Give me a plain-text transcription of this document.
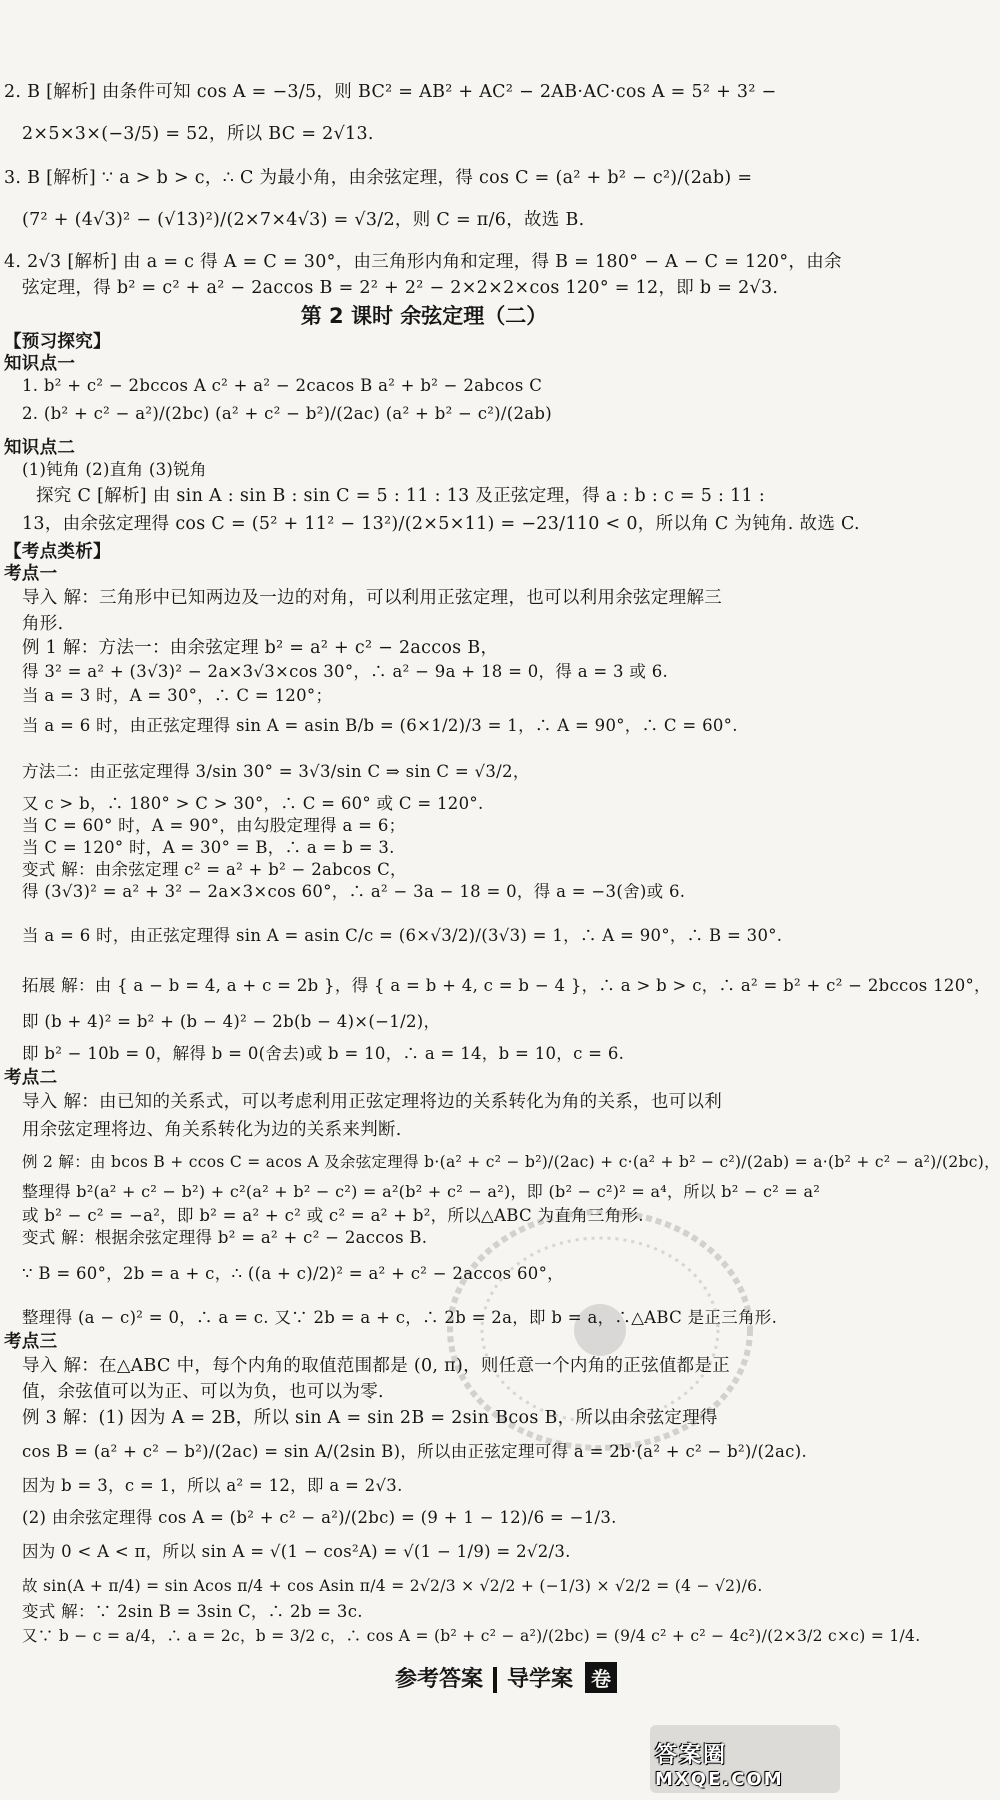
2. B [解析] 由条件可知 cos A = −3/5，则 BC² = AB² + AC² − 2AB·AC·cos A = 5² + 3² −
2×5×3×(−3/5) = 52，所以 BC = 2√13.
3. B [解析] ∵ a > b > c，∴ C 为最小角，由余弦定理，得 cos C = (a² + b² − c²)/(2ab) =
(7² + (4√3)² − (√13)²)/(2×7×4√3) = √3/2，则 C = π/6，故选 B.
4. 2√3 [解析] 由 a = c 得 A = C = 30°，由三角形内角和定理，得 B = 180° − A − C = 120°，由余
弦定理，得 b² = c² + a² − 2accos B = 2² + 2² − 2×2×2×cos 120° = 12，即 b = 2√3.
第 2 课时 余弦定理（二）
【预习探究】
知识点一
1. b² + c² − 2bccos A c² + a² − 2cacos B a² + b² − 2abcos C
2. (b² + c² − a²)/(2bc) (a² + c² − b²)/(2ac) (a² + b² − c²)/(2ab)
知识点二
(1)钝角 (2)直角 (3)锐角
探究 C [解析] 由 sin A : sin B : sin C = 5 : 11 : 13 及正弦定理，得 a : b : c = 5 : 11 :
13，由余弦定理得 cos C = (5² + 11² − 13²)/(2×5×11) = −23/110 < 0，所以角 C 为钝角. 故选 C.
【考点类析】
考点一
导入 解：三角形中已知两边及一边的对角，可以利用正弦定理，也可以利用余弦定理解三
角形.
例 1 解：方法一：由余弦定理 b² = a² + c² − 2accos B，
得 3² = a² + (3√3)² − 2a×3√3×cos 30°，∴ a² − 9a + 18 = 0，得 a = 3 或 6.
当 a = 3 时，A = 30°，∴ C = 120°；
当 a = 6 时，由正弦定理得 sin A = asin B/b = (6×1/2)/3 = 1，∴ A = 90°，∴ C = 60°.
方法二：由正弦定理得 3/sin 30° = 3√3/sin C ⇒ sin C = √3/2，
又 c > b，∴ 180° > C > 30°，∴ C = 60° 或 C = 120°.
当 C = 60° 时，A = 90°，由勾股定理得 a = 6；
当 C = 120° 时，A = 30° = B，∴ a = b = 3.
变式 解：由余弦定理 c² = a² + b² − 2abcos C，
得 (3√3)² = a² + 3² − 2a×3×cos 60°，∴ a² − 3a − 18 = 0，得 a = −3(舍)或 6.
当 a = 6 时，由正弦定理得 sin A = asin C/c = (6×√3/2)/(3√3) = 1，∴ A = 90°，∴ B = 30°.
拓展 解：由 { a − b = 4, a + c = 2b }，得 { a = b + 4, c = b − 4 }，∴ a > b > c，∴ a² = b² + c² − 2bccos 120°，
即 (b + 4)² = b² + (b − 4)² − 2b(b − 4)×(−1/2)，
即 b² − 10b = 0，解得 b = 0(舍去)或 b = 10，∴ a = 14，b = 10，c = 6.
考点二
导入 解：由已知的关系式，可以考虑利用正弦定理将边的关系转化为角的关系，也可以利
用余弦定理将边、角关系转化为边的关系来判断.
例 2 解：由 bcos B + ccos C = acos A 及余弦定理得 b·(a² + c² − b²)/(2ac) + c·(a² + b² − c²)/(2ab) = a·(b² + c² − a²)/(2bc)，
整理得 b²(a² + c² − b²) + c²(a² + b² − c²) = a²(b² + c² − a²)，即 (b² − c²)² = a⁴，所以 b² − c² = a²
或 b² − c² = −a²，即 b² = a² + c² 或 c² = a² + b²，所以△ABC 为直角三角形.
变式 解：根据余弦定理得 b² = a² + c² − 2accos B.
∵ B = 60°，2b = a + c，∴ ((a + c)/2)² = a² + c² − 2accos 60°，
整理得 (a − c)² = 0，∴ a = c. 又∵ 2b = a + c，∴ 2b = 2a，即 b = a，∴△ABC 是正三角形.
考点三
导入 解：在△ABC 中，每个内角的取值范围都是 (0, π)，则任意一个内角的正弦值都是正
值，余弦值可以为正、可以为负，也可以为零.
例 3 解：(1) 因为 A = 2B，所以 sin A = sin 2B = 2sin Bcos B，所以由余弦定理得
cos B = (a² + c² − b²)/(2ac) = sin A/(2sin B)，所以由正弦定理可得 a = 2b·(a² + c² − b²)/(2ac).
因为 b = 3，c = 1，所以 a² = 12，即 a = 2√3.
(2) 由余弦定理得 cos A = (b² + c² − a²)/(2bc) = (9 + 1 − 12)/6 = −1/3.
因为 0 < A < π，所以 sin A = √(1 − cos²A) = √(1 − 1/9) = 2√2/3.
故 sin(A + π/4) = sin Acos π/4 + cos Asin π/4 = 2√2/3 × √2/2 + (−1/3) × √2/2 = (4 − √2)/6.
变式 解：∵ 2sin B = 3sin C，∴ 2b = 3c.
又∵ b − c = a/4，∴ a = 2c，b = 3/2 c，∴ cos A = (b² + c² − a²)/(2bc) = (9/4 c² + c² − 4c²)/(2×3/2 c×c) = 1/4.
参考答案 导学案 卷
答案圈
MXQE.COM
